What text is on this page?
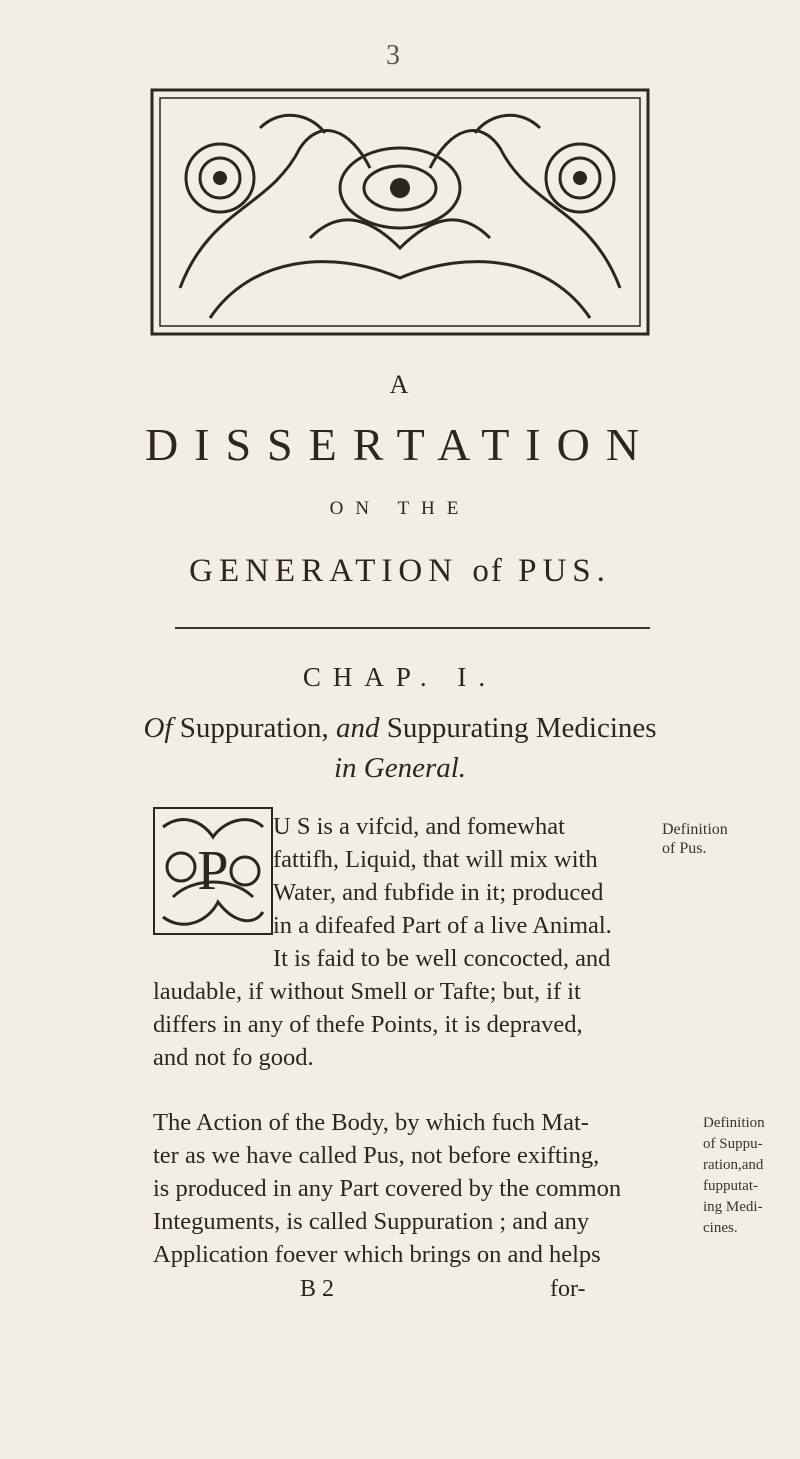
3
A
DISSERTATION
ON THE
GENERATION of PUS.
CHAP. I.
Of Suppuration, and Suppurating Medicines
in General.
P
U S is a vifcid, and fomewhat
fattifh, Liquid, that will mix with
Water, and fubfide in it; produced
in a difeafed Part of a live Animal.
It is faid to be well concocted, and
laudable, if without Smell or Tafte; but, if it
differs in any of thefe Points, it is depraved,
and not fo good.
Definition
of Pus.
The Action of the Body, by which fuch Mat-
ter as we have called Pus, not before exifting,
is produced in any Part covered by the common
Integuments, is called Suppuration ; and any
Application foever which brings on and helps
Definition
of Suppu-
ration,and
fupputat-
ing Medi-
cines.
B 2	for-
